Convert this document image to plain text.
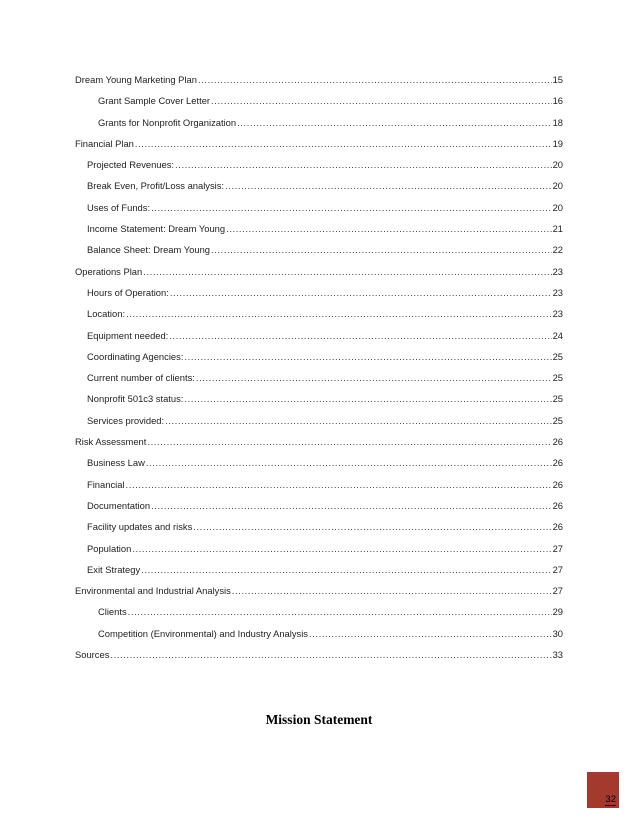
Dream Young Marketing Plan .....	15
Grant Sample Cover Letter .....	16
Grants for Nonprofit Organization .....	18
Financial Plan .....	19
Projected Revenues: .....	20
Break Even, Profit/Loss analysis: .....	20
Uses of Funds: .....	20
Income Statement: Dream Young .....	21
Balance Sheet: Dream Young .....	22
Operations Plan .....	23
Hours of Operation: .....	23
Location: .....	23
Equipment needed: .....	24
Coordinating Agencies: .....	25
Current number of clients: .....	25
Nonprofit 501c3 status: .....	25
Services provided: .....	25
Risk Assessment .....	26
Business Law .....	26
Financial .....	26
Documentation .....	26
Facility updates and risks .....	26
Population .....	27
Exit Strategy .....	27
Environmental and Industrial Analysis .....	27
Clients .....	29
Competition (Environmental) and Industry Analysis .....	30
Sources .....	33
Mission Statement
32
